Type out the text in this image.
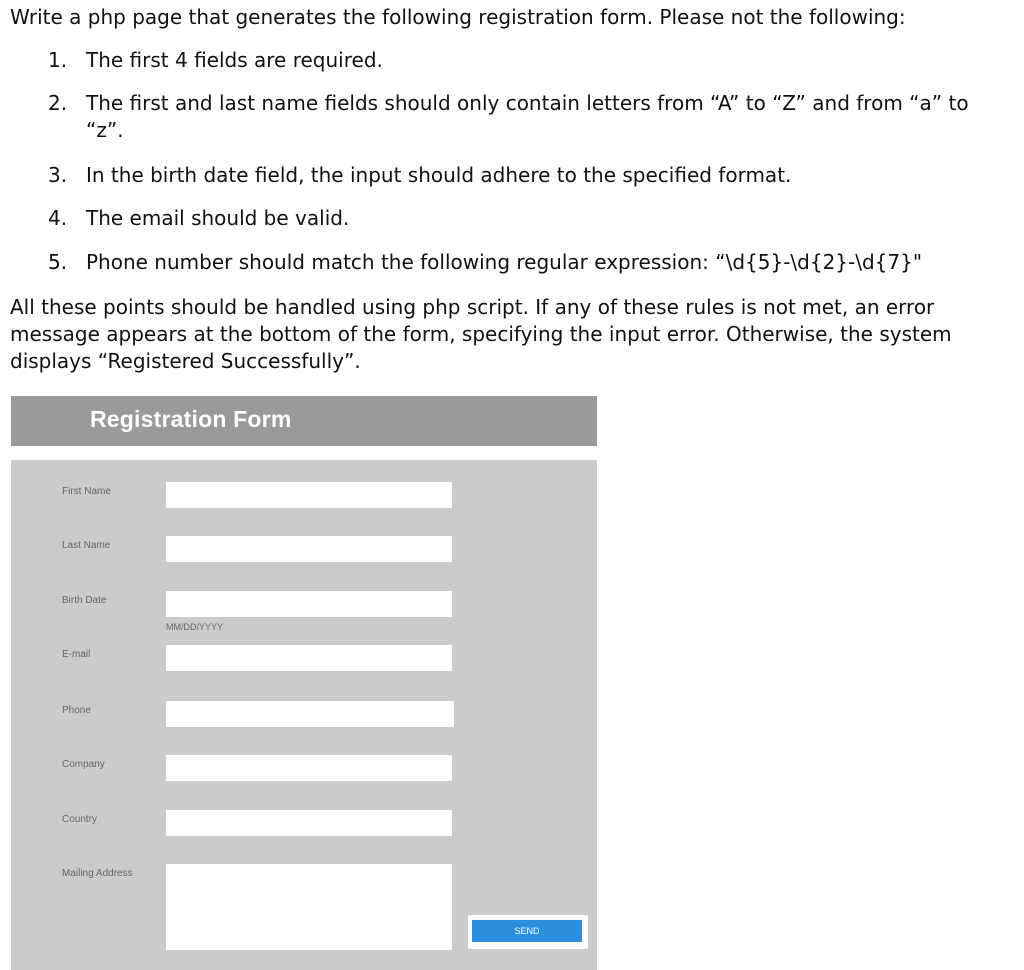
Write a php page that generates the following registration form. Please not the following:

1. The first 4 fields are required.
2. The first and last name fields should only contain letters from “A” to “Z” and from “a” to “z”.
3. In the birth date field, the input should adhere to the specified format.
4. The email should be valid.
5. Phone number should match the following regular expression: “\d{5}-\d{2}-\d{7}"

All these points should be handled using php script. If any of these rules is not met, an error message appears at the bottom of the form, specifying the input error. Otherwise, the system displays “Registered Successfully”.

Registration Form
First Name
Last Name
Birth Date
MM/DD/YYYY
E-mail
Phone
Company
Country
Mailing Address
SEND
